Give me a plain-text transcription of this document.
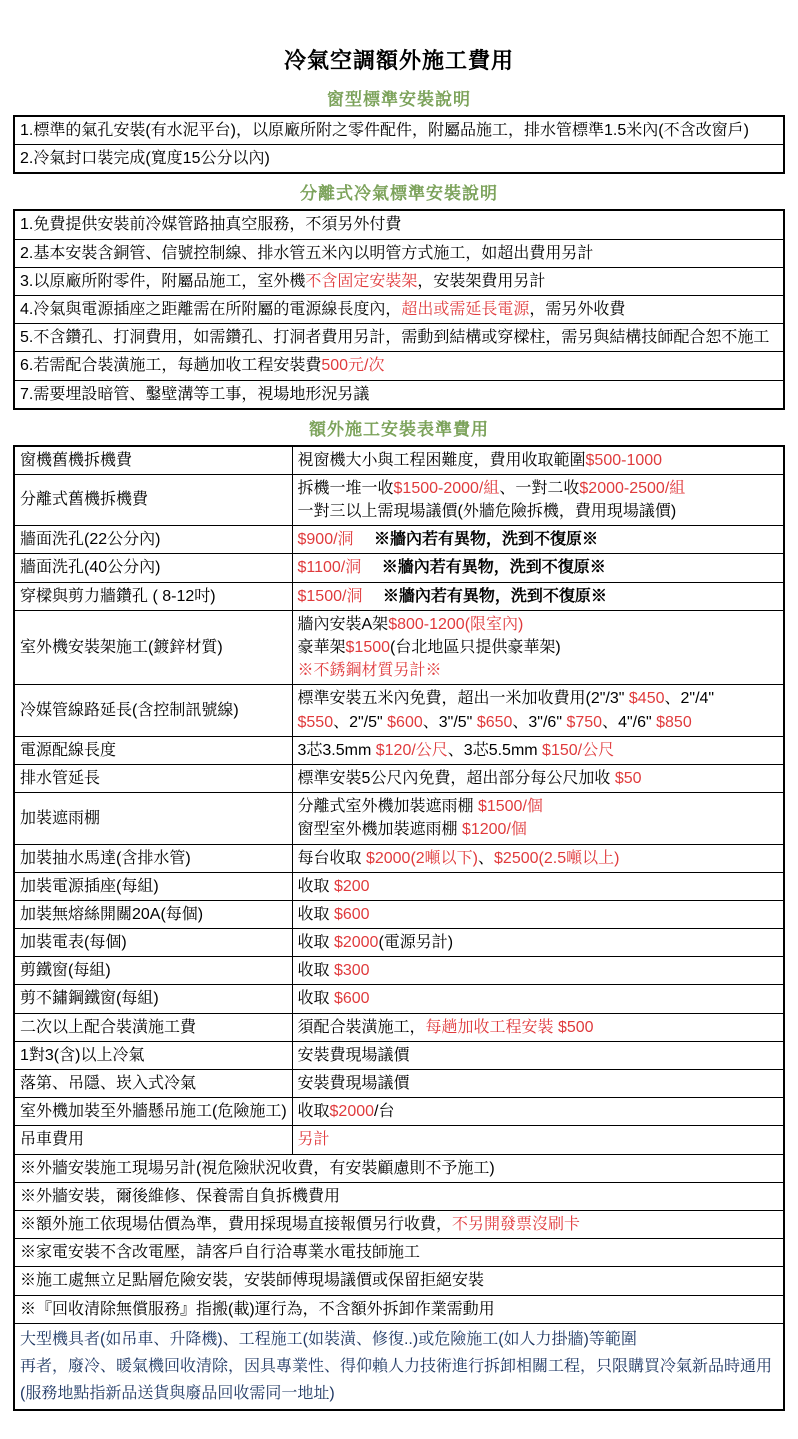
冷氣空調額外施工費用
窗型標準安裝說明
1.標準的氣孔安裝(有水泥平台)，以原廠所附之零件配件，附屬品施工，排水管標準1.5米內(不含改窗戶)
2.冷氣封口裝完成(寬度15公分以內)
分離式冷氣標準安裝說明
1.免費提供安裝前冷媒管路抽真空服務，不須另外付費
2.基本安裝含銅管、信號控制線、排水管五米內以明管方式施工，如超出費用另計
3.以原廠所附零件，附屬品施工，室外機不含固定安裝架，安裝架費用另計
4.冷氣與電源插座之距離需在所附屬的電源線長度內，超出或需延長電源，需另外收費
5.不含鑽孔、打洞費用，如需鑽孔、打洞者費用另計，需動到結構或穿樑柱，需另與結構技師配合恕不施工
6.若需配合裝潢施工，每趟加收工程安裝費500元/次
7.需要埋設暗管、鑿壁溝等工事，視場地形況另議
額外施工安裝表準費用
窗機舊機拆機費	視窗機大小與工程困難度，費用收取範圍$500-1000

分離式舊機拆機費	拆機一堆一收$1500-2000/組、一對二收$2000-2500/組
一對三以上需現場議價(外牆危險拆機，費用現場議價)

牆面洗孔(22公分內)	$900/洞　 ※牆內若有異物，洗到不復原※

牆面洗孔(40公分內)	$1100/洞　 ※牆內若有異物，洗到不復原※

穿樑與剪力牆鑽孔 ( 8-12吋)	$1500/洞　 ※牆內若有異物，洗到不復原※

室外機安裝架施工(鍍鋅材質)	牆內安裝A架$800-1200(限室內)
豪華架$1500(台北地區只提供豪華架)
※不銹鋼材質另計※

冷媒管線路延長(含控制訊號線)	標準安裝五米內免費，超出一米加收費用(2"/3" $450、2"/4"
$550、2"/5" $600、3"/5" $650、3"/6" $750、4"/6" $850

電源配線長度	3芯3.5mm $120/公尺、3芯5.5mm $150/公尺

排水管延長	標準安裝5公尺內免費，超出部分每公尺加收 $50

加裝遮雨棚	分離式室外機加裝遮雨棚 $1500/個
窗型室外機加裝遮雨棚 $1200/個

加裝抽水馬達(含排水管)	每台收取 $2000(2噸以下)、$2500(2.5噸以上)

加裝電源插座(每組)	收取 $200

加裝無熔絲開關20A(每個)	收取 $600

加裝電表(每個)	收取 $2000(電源另計)

剪鐵窗(每組)	收取 $300

剪不鏽鋼鐵窗(每組)	收取 $600

二次以上配合裝潢施工費	須配合裝潢施工，每趟加收工程安裝 $500

1對3(含)以上冷氣	安裝費現場議價

落第、吊隱、崁入式冷氣	安裝費現場議價

室外機加裝至外牆懸吊施工(危險施工)	收取$2000/台

吊車費用	另計

※外牆安裝施工現場另計(視危險狀況收費，有安裝顧慮則不予施工)	
※外牆安裝，爾後維修、保養需自負拆機費用	
※額外施工依現場估價為準，費用採現場直接報價另行收費，不另開發票沒刷卡	
※家電安裝不含改電壓，請客戶自行洽專業水電技師施工	
※施工處無立足點層危險安裝，安裝師傅現場議價或保留拒絕安裝	
※『回收清除無償服務』指搬(載)運行為，不含額外拆卸作業需動用	

大型機具者(如吊車、升降機)、工程施工(如裝潢、修復..)或危險施工(如人力掛牆)等範圍
再者，廢冷、暖氣機回收清除，因具專業性、得仰賴人力技術進行拆卸相關工程，只限購買冷氣新品時通用
(服務地點指新品送貨與廢品回收需同一地址)	
